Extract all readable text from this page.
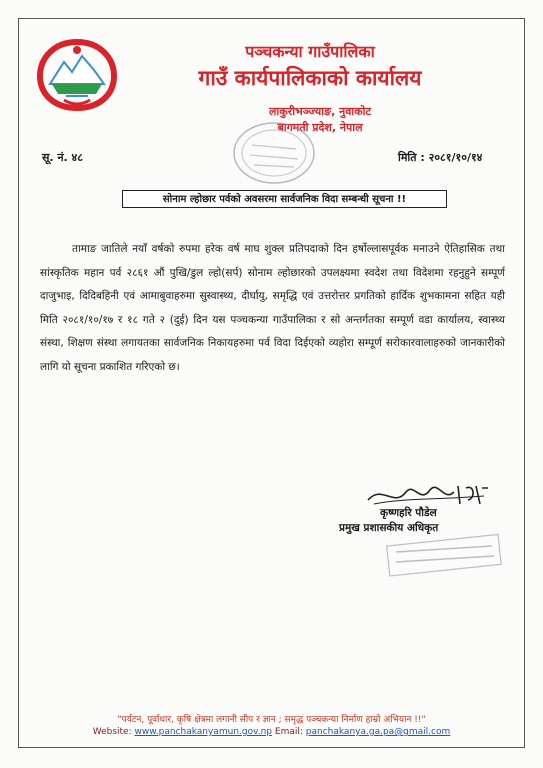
पञ्चकन्या गाउँपालिका
गाउँ कार्यपालिकाको कार्यालय
लाकुरीभञ्ज्याङ, नुवाकोट
बागमती प्रदेश, नेपाल
सू. नं. ४८	मिति : २०८१/१०/१४
सोनाम ल्होछार पर्वको अवसरमा सार्वजनिक विदा सम्बन्धी सूचना !!

तामाङ जातिले नयाँ वर्षको रुपमा हरेक वर्ष माघ शुक्ल प्रतिपदाको दिन हर्षोल्लासपूर्वक मनाउने ऐतिहासिक तथा सांस्कृतिक महान पर्व २८६१ औं पुखि/डुल ल्हो(सर्प) सोनाम ल्होछारको उपलक्ष्यमा स्वदेश तथा विदेशमा रहनुहुने सम्पूर्ण दाजुभाइ, दिदिबहिनी एवं आमाबुवाहरुमा सुस्वास्थ्य, दीर्घायु, समृद्धि एवं उत्तरोत्तर प्रगतिको हार्दिक शुभकामना सहित यही मिति २०८१/१०/१७ र १८ गते २ (दुई) दिन यस पञ्चकन्या गाउँपालिका र सो अन्तर्गतका सम्पूर्ण वडा कार्यालय, स्वास्थ्य संस्था, शिक्षण संस्था लगायतका सार्वजनिक निकायहरुमा पर्व विदा दिईएको व्यहोरा सम्पूर्ण सरोकारवालाहरुको जानकारीको लागि यो सूचना प्रकाशित गरिएको छ।

कृष्णहरि पौडेल
प्रमुख प्रशासकीय अधिकृत
"पर्यटन, पूर्वाधार, कृषि क्षेत्रमा लगानी सीप र ज्ञान ; समृद्ध पञ्चकन्या निर्माण हाम्रो अभियान !!"
Website: www.panchakanyamun.gov.np Email: panchakanya.ga.pa@gmail.com
